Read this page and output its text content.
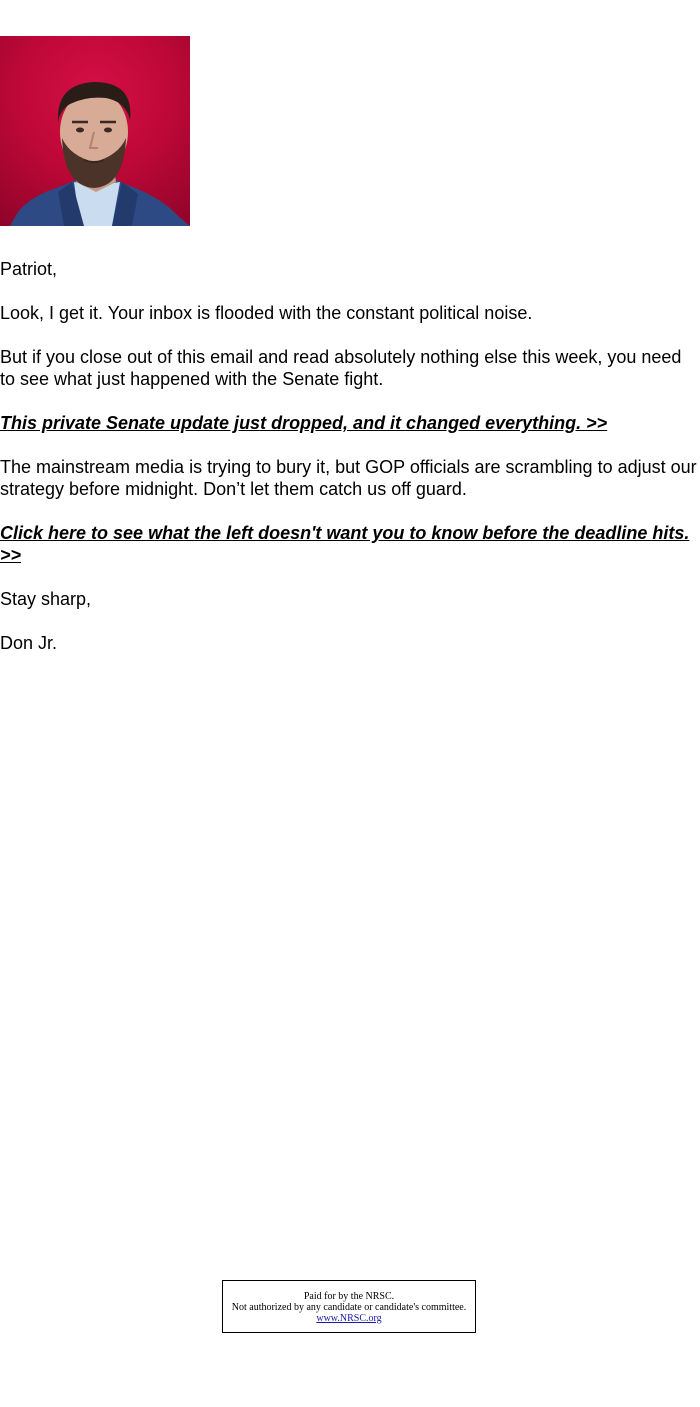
Patriot,

Look, I get it. Your inbox is flooded with the constant political noise.

But if you close out of this email and read absolutely nothing else this week, you need to see what just happened with the Senate fight.

This private Senate update just dropped, and it changed everything. >>

The mainstream media is trying to bury it, but GOP officials are scrambling to adjust our strategy before midnight. Don’t let them catch us off guard.

Click here to see what the left doesn't want you to know before the deadline hits. >>

Stay sharp,

Don Jr.

Paid for by the NRSC.
Not authorized by any candidate or candidate's committee.
www.NRSC.org
